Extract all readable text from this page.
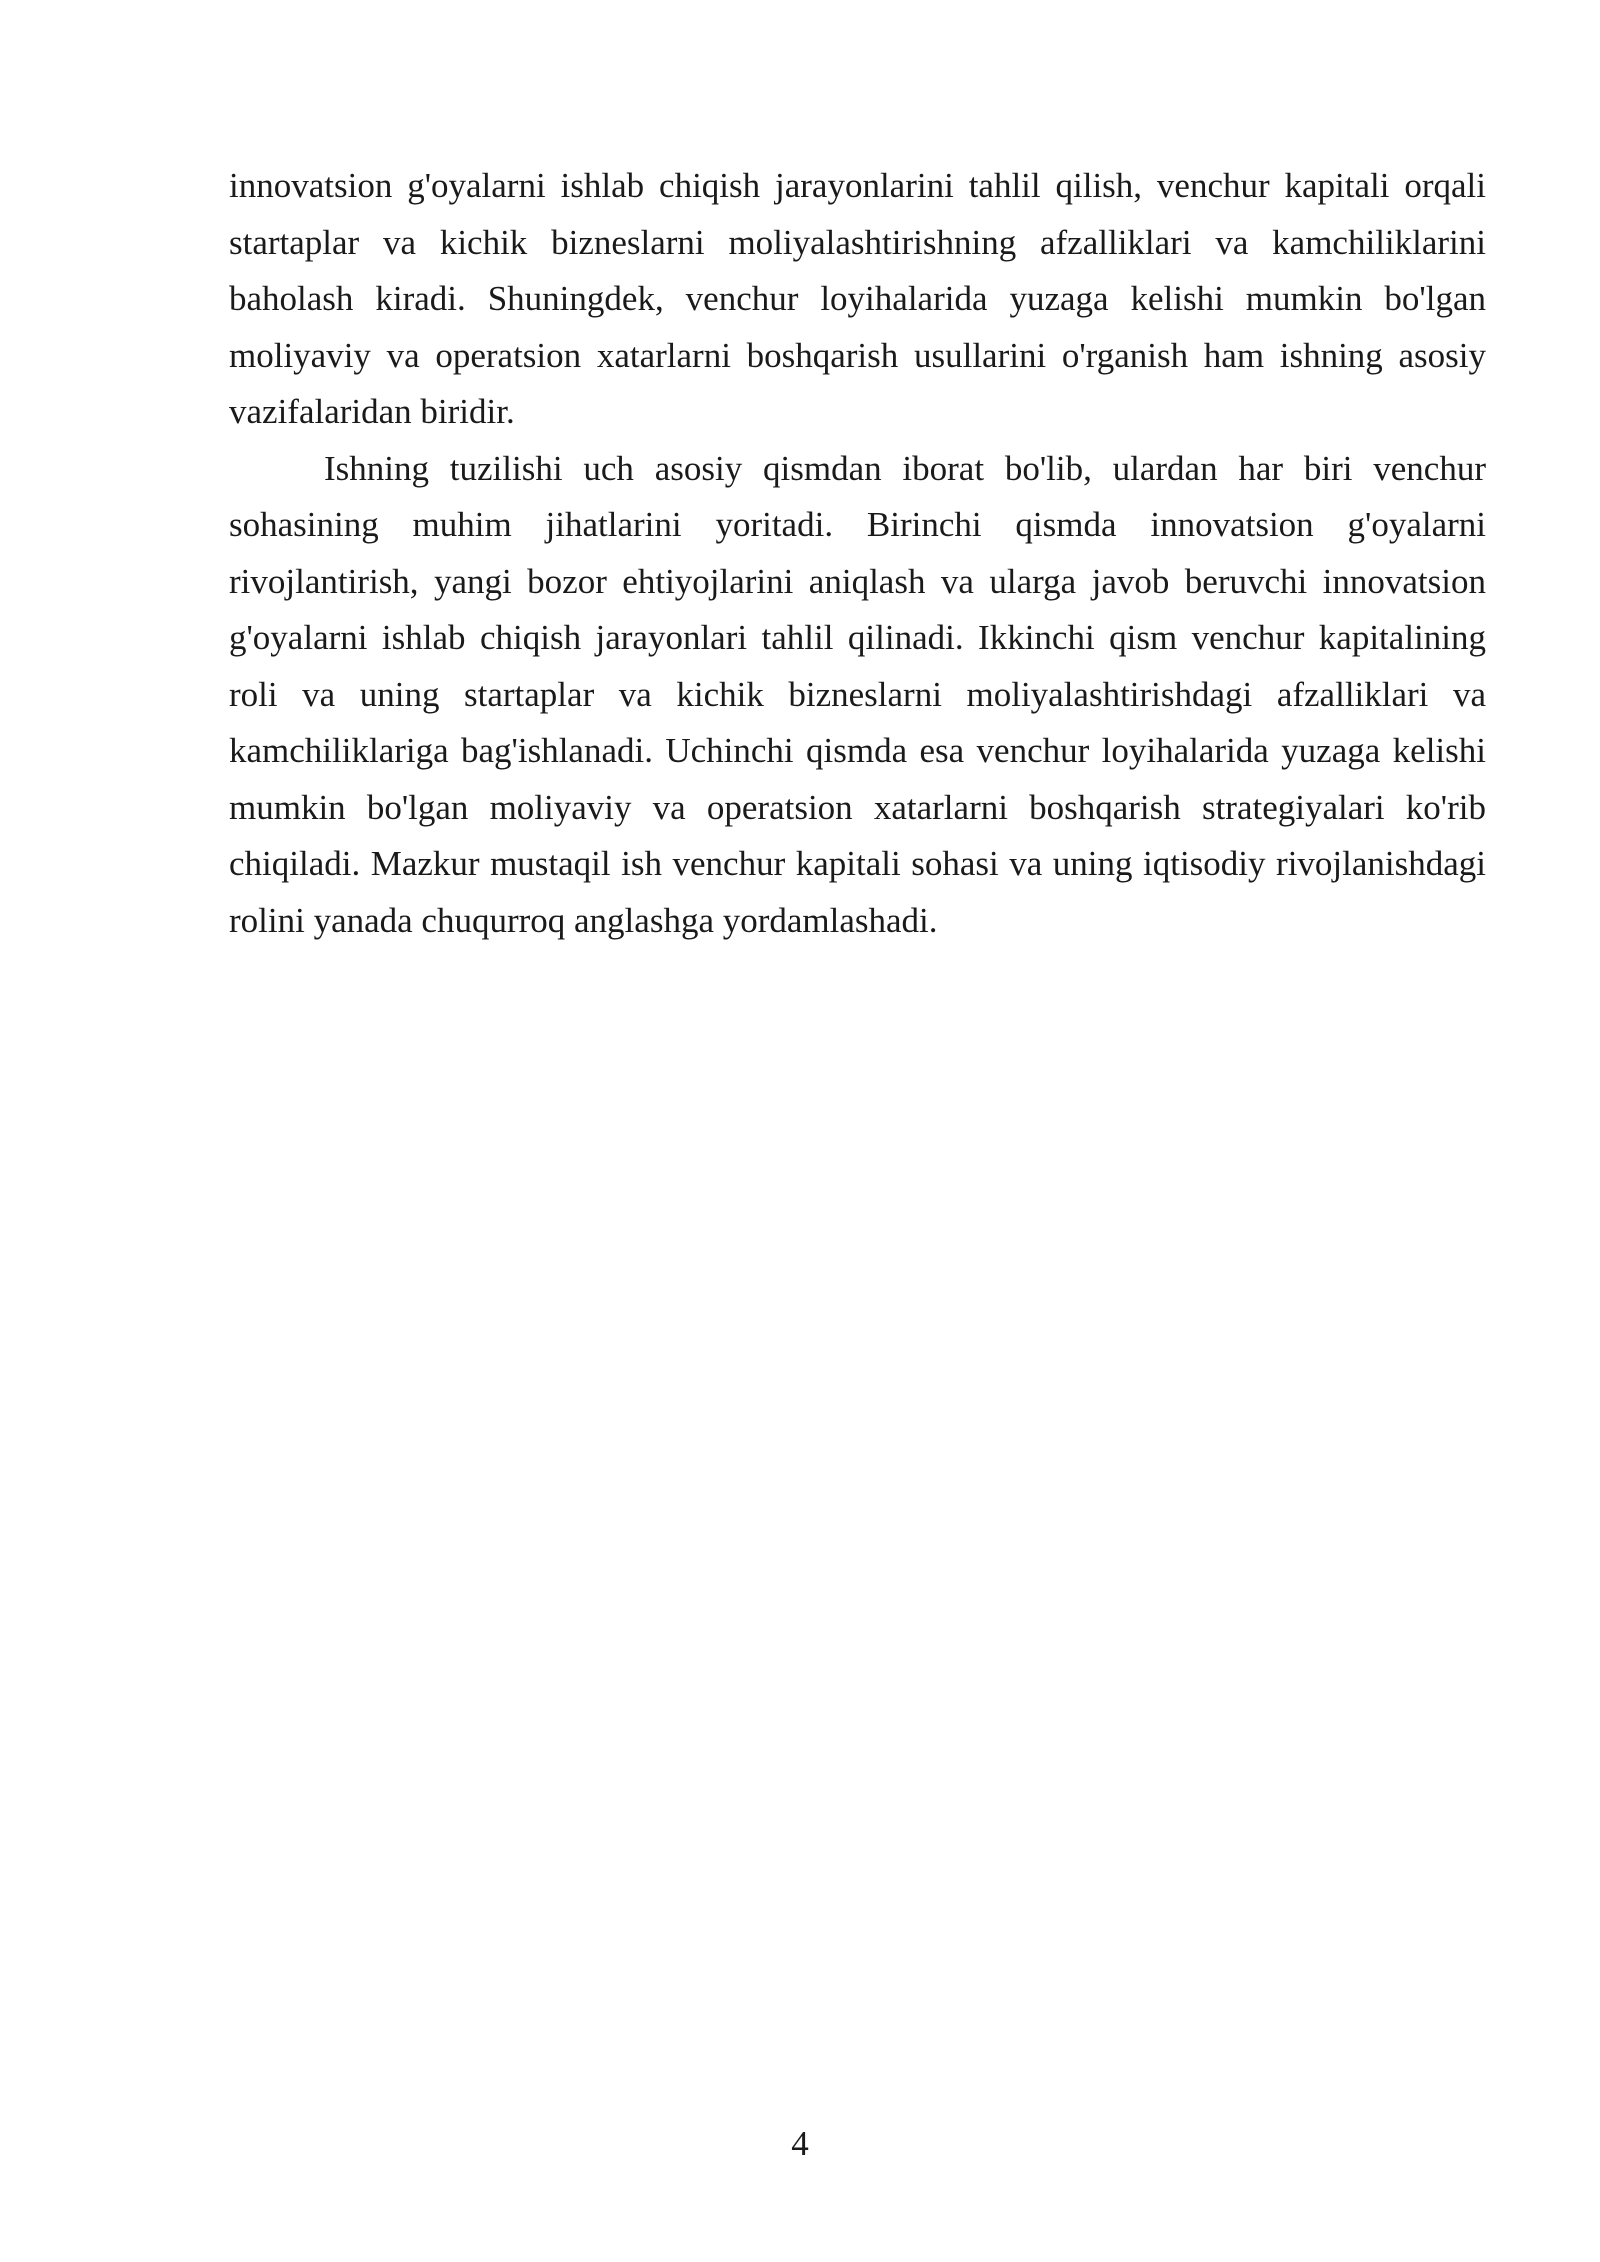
innovatsion g'oyalarni ishlab chiqish jarayonlarini tahlil qilish, venchur kapitali orqali startaplar va kichik bizneslarni moliyalashtirishning afzalliklari va kamchiliklarini baholash kiradi. Shuningdek, venchur loyihalarida yuzaga kelishi mumkin bo'lgan moliyaviy va operatsion xatarlarni boshqarish usullarini o'rganish ham ishning asosiy vazifalaridan biridir.

Ishning tuzilishi uch asosiy qismdan iborat bo'lib, ulardan har biri venchur sohasining muhim jihatlarini yoritadi. Birinchi qismda innovatsion g'oyalarni rivojlantirish, yangi bozor ehtiyojlarini aniqlash va ularga javob beruvchi innovatsion g'oyalarni ishlab chiqish jarayonlari tahlil qilinadi. Ikkinchi qism venchur kapitalining roli va uning startaplar va kichik bizneslarni moliyalashtirishdagi afzalliklari va kamchiliklariga bag'ishlanadi. Uchinchi qismda esa venchur loyihalarida yuzaga kelishi mumkin bo'lgan moliyaviy va operatsion xatarlarni boshqarish strategiyalari ko'rib chiqiladi. Mazkur mustaqil ish venchur kapitali sohasi va uning iqtisodiy rivojlanishdagi rolini yanada chuqurroq anglashga yordamlashadi.

4
